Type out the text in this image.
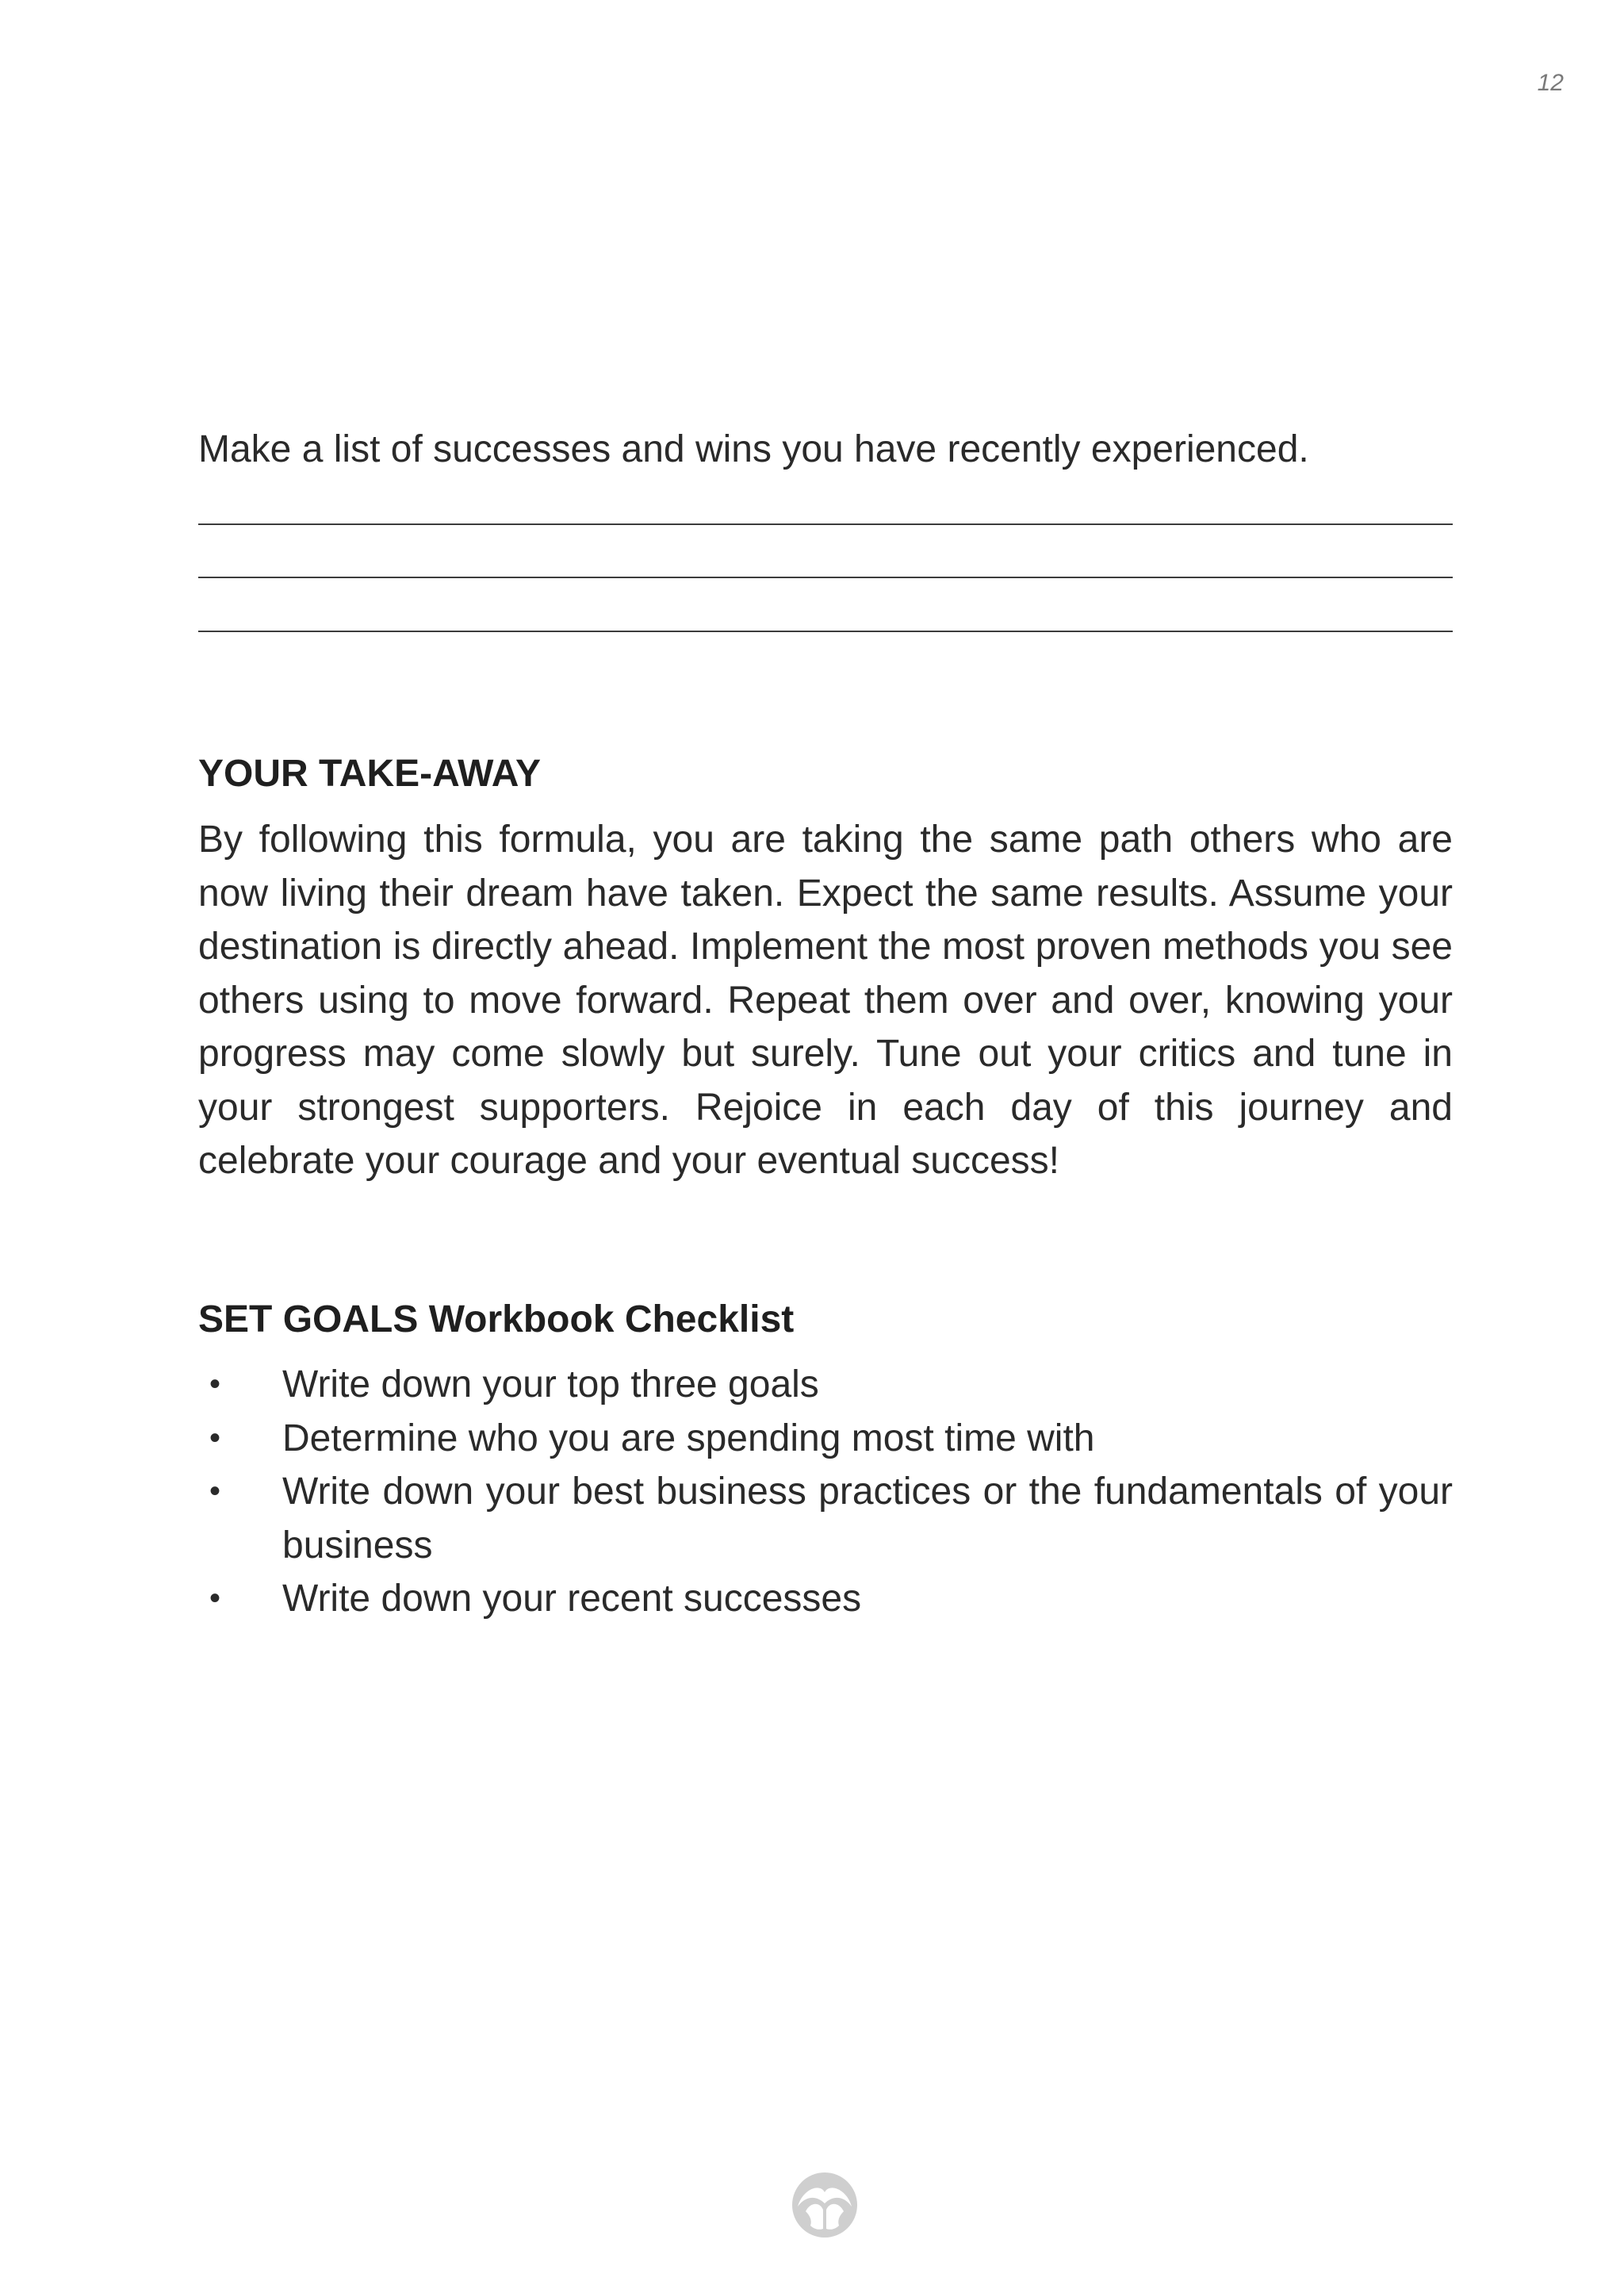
12
Make a list of successes and wins you have recently experienced.
YOUR TAKE-AWAY

By following this formula, you are taking the same path others who are now living their dream have taken. Expect the same results. Assume your destination is directly ahead. Implement the most proven methods you see others using to move forward. Repeat them over and over, knowing your progress may come slowly but surely. Tune out your critics and tune in your strongest supporters. Rejoice in each day of this journey and celebrate your courage and your eventual success!

SET GOALS Workbook Checklist
• Write down your top three goals
• Determine who you are spending most time with
• Write down your best business practices or the fundamentals of your business
• Write down your recent successes
